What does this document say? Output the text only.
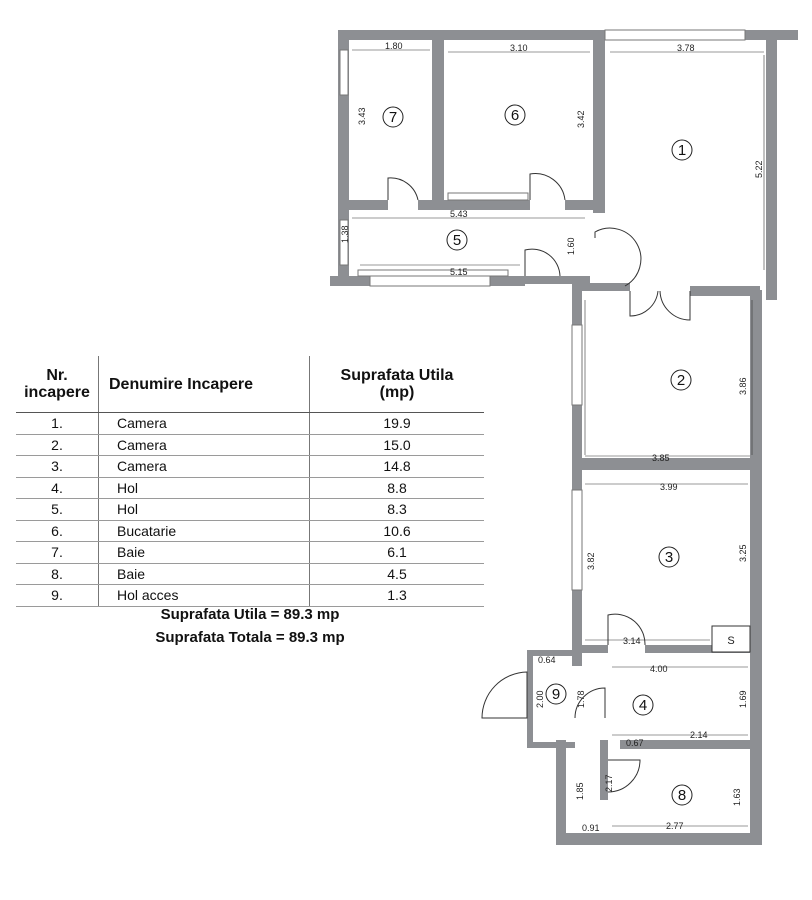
S
1.80
3.43
3.10
3.42
3.78
5.22
5.43
5.15
1.38
1.60
3.85
3.86
3.99
3.82	3.25
3.14
0.64
2.00	1.78
4.00
1.69
2.14
0.67
2.17
1.85	1.63
2.77
0.91
7	6
1
5
2
3
9
4
8
Nr.
incapere	Denumire Incapere	Suprafata Utila
(mp)
1.	Camera	19.9
2.	Camera	15.0
3.	Camera	14.8
4.	Hol	8.8
5.	Hol	8.3
6.	Bucatarie	10.6
7.	Baie	6.1
8.	Baie	4.5
9.	Hol acces	1.3
Suprafata Utila = 89.3 mp
Suprafata Totala = 89.3 mp
